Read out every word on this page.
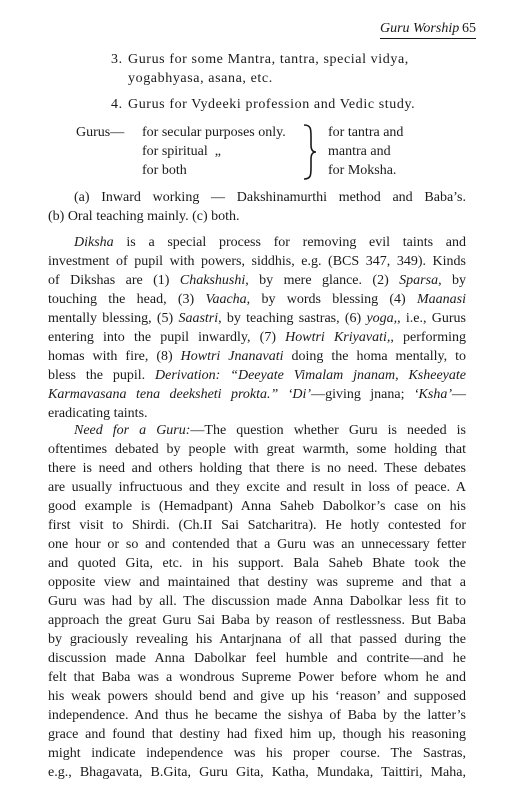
Guru Worship 65
3. Gurus for some Mantra, tantra, special vidya,
yogabhyasa, asana, etc.
4. Gurus for Vydeeki profession and Vedic study.
Gurus— for secular purposes only.
for spiritual  „
for both
for tantra and
mantra and
for Moksha.
(a) Inward working — Dakshinamurthi method and Baba’s.
(b) Oral teaching mainly. (c) both.
Diksha is a special process for removing evil taints and
investment of pupil with powers, siddhis, e.g. (BCS 347, 349). Kinds
of Dikshas are (1) Chakshushi, by mere glance. (2) Sparsa, by
touching the head, (3) Vaacha, by words blessing (4) Maanasi
mentally blessing, (5) Saastri, by teaching sastras, (6) yoga,, i.e., Gurus
entering into the pupil inwardly, (7) Howtri Kriyavati,, performing
homas with fire, (8) Howtri Jnanavati doing the homa mentally, to
bless the pupil. Derivation: “Deeyate Vimalam jnanam, Ksheeyate
Karmavasana tena deeksheti prokta.” ‘Di’—giving jnana; ‘Ksha’—
eradicating taints.
Need for a Guru:—The question whether Guru is needed is
oftentimes debated by people with great warmth, some holding that
there is need and others holding that there is no need. These debates
are usually infructuous and they excite and result in loss of peace. A
good example is (Hemadpant) Anna Saheb Dabolkor’s case on his
first visit to Shirdi. (Ch.II Sai Satcharitra). He hotly contested for
one hour or so and contended that a Guru was an unnecessary fetter
and quoted Gita, etc. in his support. Bala Saheb Bhate took the
opposite view and maintained that destiny was supreme and that a
Guru was had by all. The discussion made Anna Dabolkar less fit to
approach the great Guru Sai Baba by reason of restlessness. But Baba
by graciously revealing his Antarjnana of all that passed during the
discussion made Anna Dabolkar feel humble and contrite—and he
felt that Baba was a wondrous Supreme Power before whom he and
his weak powers should bend and give up his ‘reason’ and supposed
independence. And thus he became the sishya of Baba by the latter’s
grace and found that destiny had fixed him up, though his reasoning
might indicate independence was his proper course. The Sastras,
e.g., Bhagavata, B.Gita, Guru Gita, Katha, Mundaka, Taittiri, Maha,
